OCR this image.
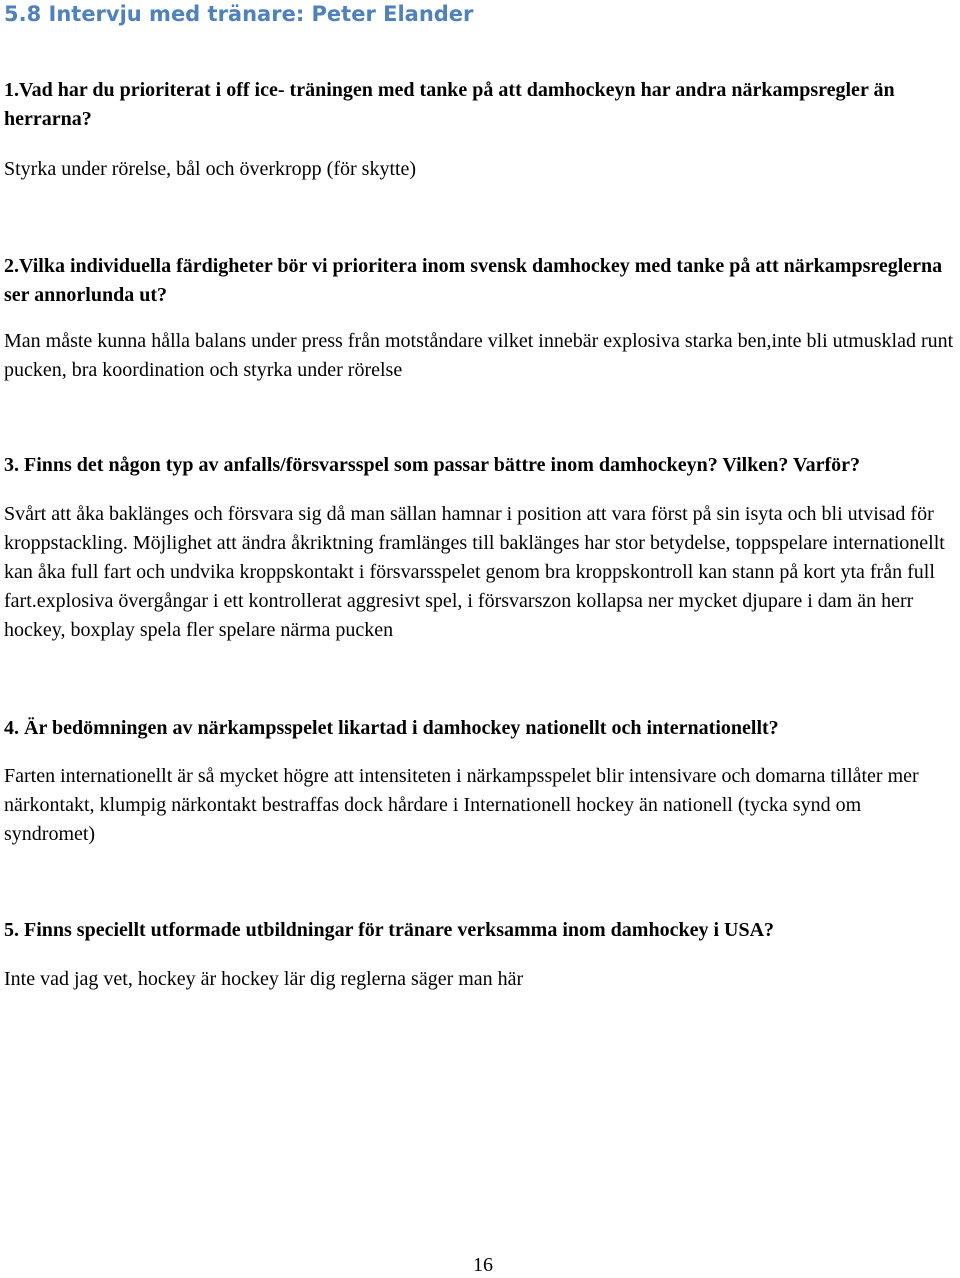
5.8 Intervju med tränare: Peter Elander

1.Vad har du prioriterat i off ice- träningen med tanke på att damhockeyn har andra närkampsregler än herrarna?

Styrka under rörelse, bål och överkropp (för skytte)

2.Vilka individuella färdigheter bör vi prioritera inom svensk damhockey med tanke på att närkampsreglerna ser annorlunda ut?

Man måste kunna hålla balans under press från motståndare vilket innebär explosiva starka ben,inte bli utmusklad runt pucken, bra koordination och styrka under rörelse

3. Finns det någon typ av anfalls/försvarsspel som passar bättre inom damhockeyn? Vilken? Varför?

Svårt att åka baklänges och försvara sig då man sällan hamnar i position att vara först på sin isyta och bli utvisad för kroppstackling. Möjlighet att ändra åkriktning framlänges till baklänges har stor betydelse, toppspelare internationellt kan åka full fart och undvika kroppskontakt i försvarsspelet genom bra kroppskontroll kan stann på kort yta från full fart.explosiva övergångar i ett kontrollerat aggresivt spel, i försvarszon kollapsa ner mycket djupare i dam än herr hockey, boxplay spela fler spelare närma pucken

4. Är bedömningen av närkampsspelet likartad i damhockey nationellt och internationellt?

Farten internationellt är så mycket högre att intensiteten i närkampsspelet blir intensivare och domarna tillåter mer närkontakt, klumpig närkontakt bestraffas dock hårdare i Internationell hockey än nationell (tycka synd om syndromet)

5. Finns speciellt utformade utbildningar för tränare verksamma inom damhockey i USA?

Inte vad jag vet, hockey är hockey lär dig reglerna säger man här

16
